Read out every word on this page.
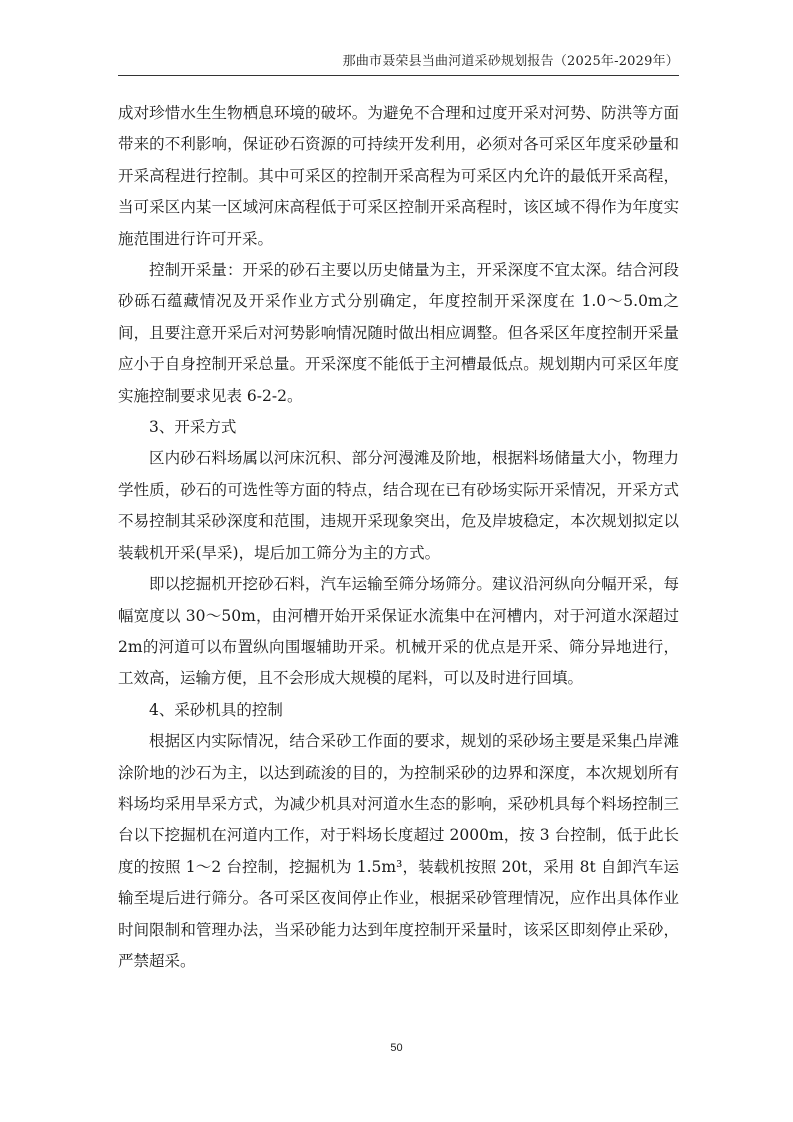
那曲市聂荣县当曲河道采砂规划报告（2025年-2029年）

成对珍惜水生生物栖息环境的破坏。为避免不合理和过度开采对河势、防洪等方面带来的不利影响，保证砂石资源的可持续开发利用，必须对各可采区年度采砂量和开采高程进行控制。其中可采区的控制开采高程为可采区内允许的最低开采高程，当可采区内某一区域河床高程低于可采区控制开采高程时，该区域不得作为年度实施范围进行许可开采。

控制开采量：开采的砂石主要以历史储量为主，开采深度不宜太深。结合河段砂砾石蕴藏情况及开采作业方式分别确定，年度控制开采深度在 1.0～5.0m之间，且要注意开采后对河势影响情况随时做出相应调整。但各采区年度控制开采量应小于自身控制开采总量。开采深度不能低于主河槽最低点。规划期内可采区年度实施控制要求见表 6-2-2。

3、开采方式

区内砂石料场属以河床沉积、部分河漫滩及阶地，根据料场储量大小，物理力学性质，砂石的可选性等方面的特点，结合现在已有砂场实际开采情况，开采方式不易控制其采砂深度和范围，违规开采现象突出，危及岸坡稳定，本次规划拟定以装载机开采(旱采)，堤后加工筛分为主的方式。

即以挖掘机开挖砂石料，汽车运输至筛分场筛分。建议沿河纵向分幅开采，每幅宽度以 30～50m，由河槽开始开采保证水流集中在河槽内，对于河道水深超过 2m的河道可以布置纵向围堰辅助开采。机械开采的优点是开采、筛分异地进行，工效高，运输方便，且不会形成大规模的尾料，可以及时进行回填。

4、采砂机具的控制

根据区内实际情况，结合采砂工作面的要求，规划的采砂场主要是采集凸岸滩涂阶地的沙石为主，以达到疏浚的目的，为控制采砂的边界和深度，本次规划所有料场均采用旱采方式，为减少机具对河道水生态的影响，采砂机具每个料场控制三台以下挖掘机在河道内工作，对于料场长度超过 2000m，按 3 台控制，低于此长度的按照 1～2 台控制，挖掘机为 1.5m³，装载机按照 20t，采用 8t 自卸汽车运输至堤后进行筛分。各可采区夜间停止作业，根据采砂管理情况，应作出具体作业时间限制和管理办法，当采砂能力达到年度控制开采量时，该采区即刻停止采砂，严禁超采。

50
